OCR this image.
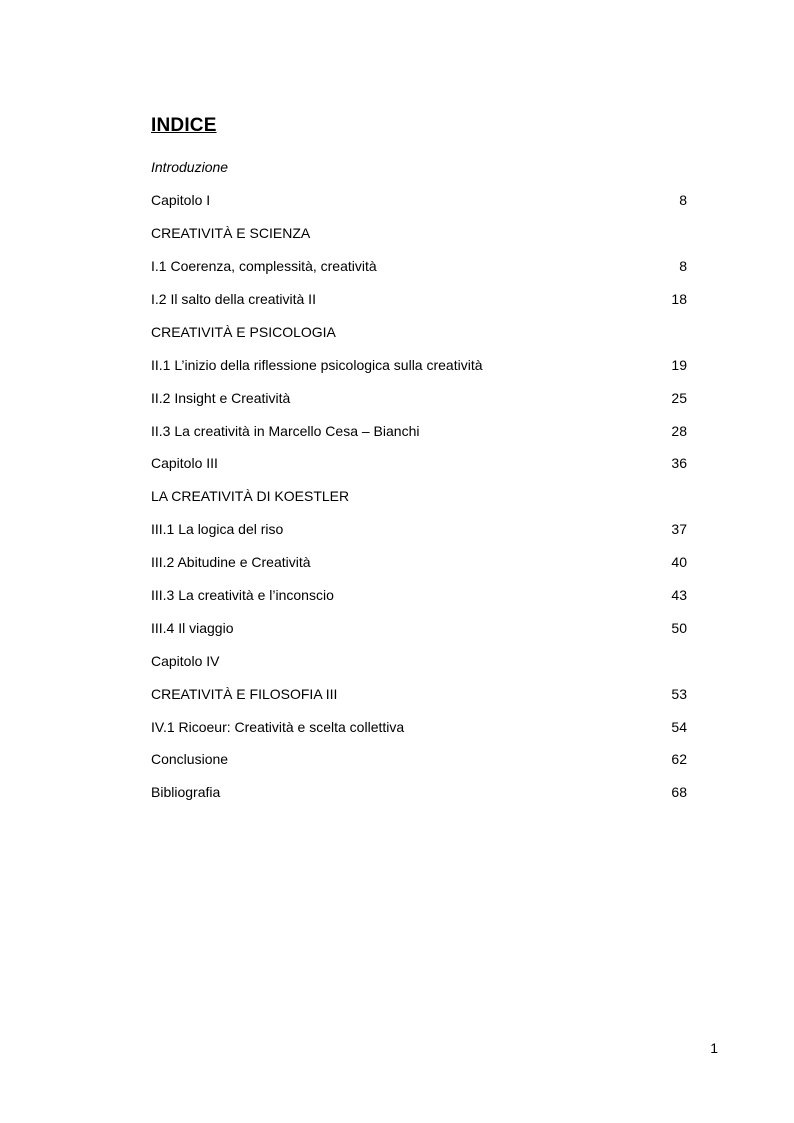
INDICE
Introduzione
Capitolo I	8
CREATIVITÀ E SCIENZA
I.1 Coerenza, complessità, creatività	8
I.2 Il salto della creatività II	18
CREATIVITÀ E PSICOLOGIA
II.1 L’inizio della riflessione psicologica sulla creatività	19
II.2 Insight e Creatività	25
II.3 La creatività in Marcello Cesa – Bianchi	28
Capitolo III	36
LA CREATIVITÀ DI KOESTLER
III.1 La logica del riso	37
III.2 Abitudine e Creatività	40
III.3 La creatività e l’inconscio	43
III.4 Il viaggio	50
Capitolo IV
CREATIVITÀ E FILOSOFIA III	53
IV.1 Ricoeur: Creatività e scelta collettiva	54
Conclusione	62
Bibliografia	68
1
